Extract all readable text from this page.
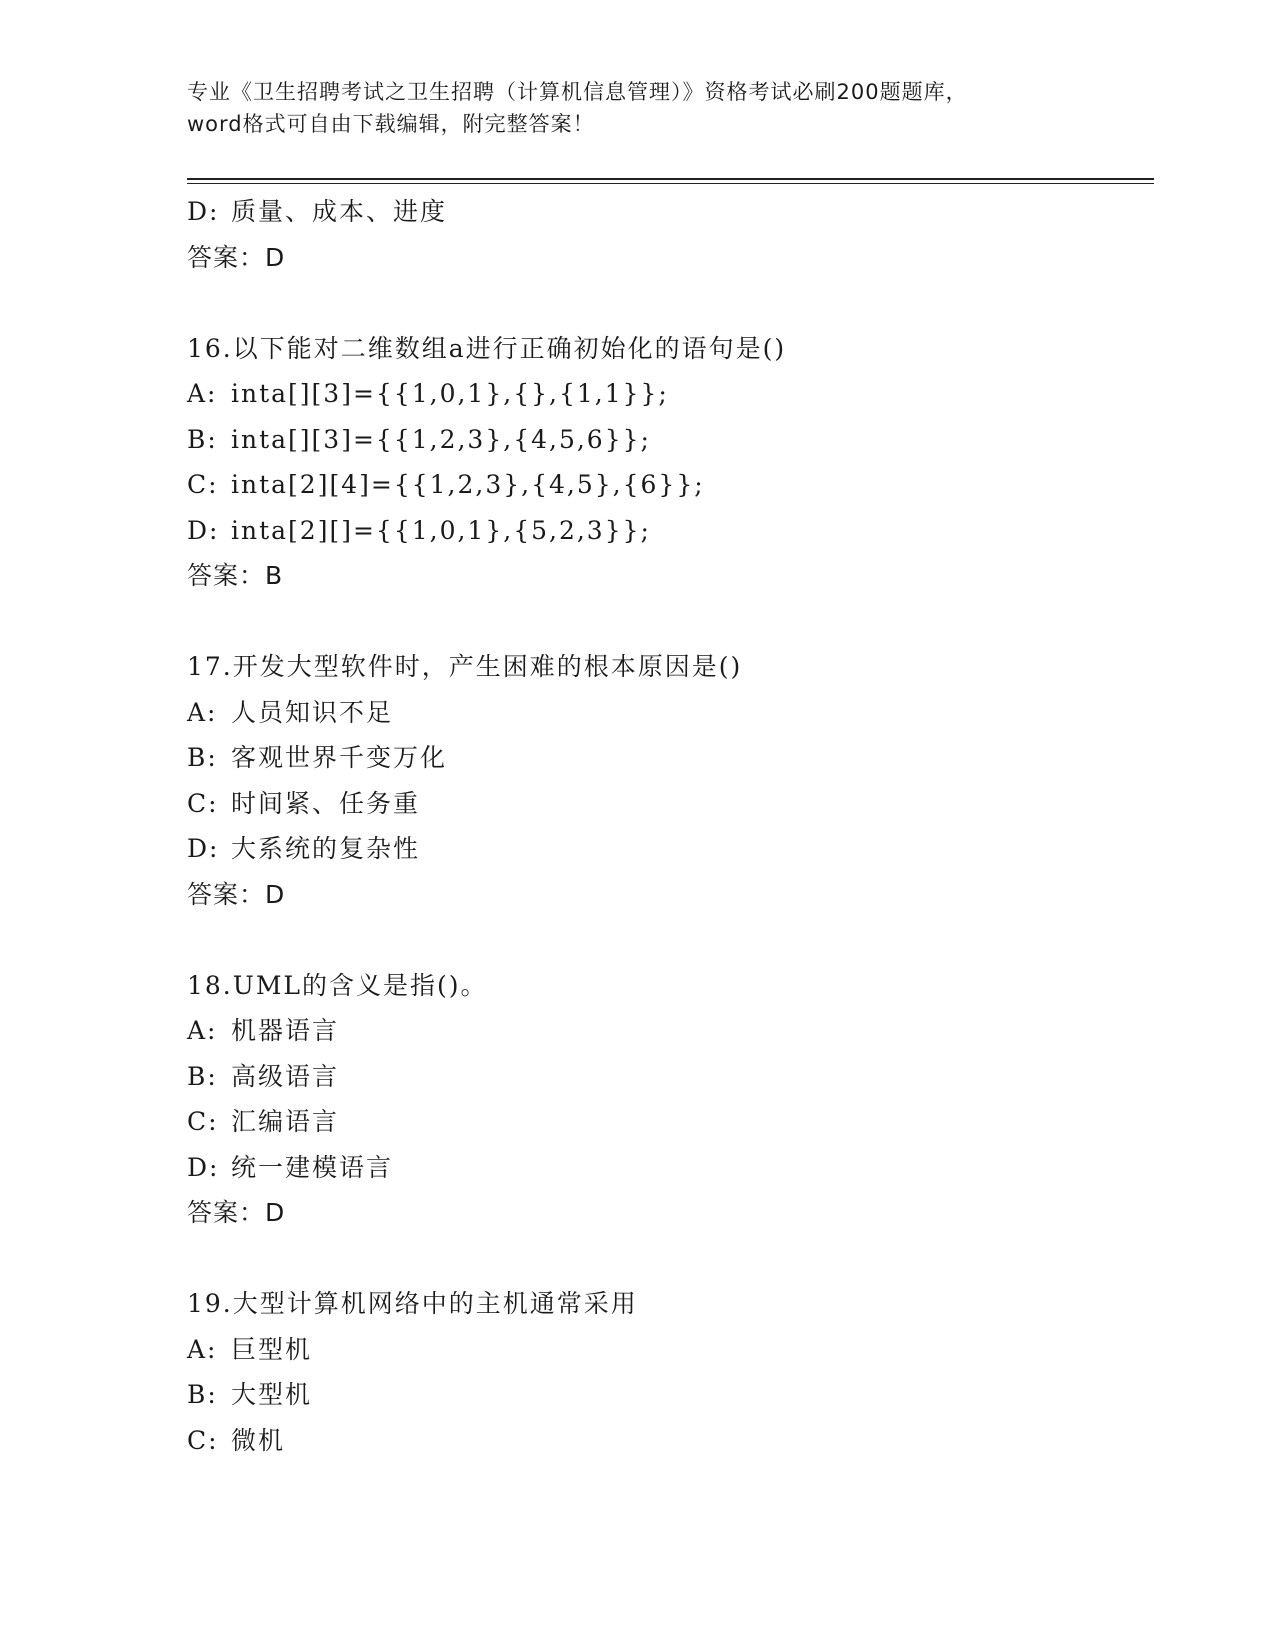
专业《卫生招聘考试之卫生招聘（计算机信息管理）》资格考试必刷200题题库，
word格式可自由下载编辑，附完整答案！
D: 质量、成本、进度
答案：D
16.以下能对二维数组a进行正确初始化的语句是()
A: inta[][3]={{1,0,1},{},{1,1}};
B: inta[][3]={{1,2,3},{4,5,6}};
C: inta[2][4]={{1,2,3},{4,5},{6}};
D: inta[2][]={{1,0,1},{5,2,3}};
答案：B
17.开发大型软件时，产生困难的根本原因是()
A: 人员知识不足
B: 客观世界千变万化
C: 时间紧、任务重
D: 大系统的复杂性
答案：D
18.UML的含义是指()。
A: 机器语言
B: 高级语言
C: 汇编语言
D: 统一建模语言
答案：D
19.大型计算机网络中的主机通常采用
A: 巨型机
B: 大型机
C: 微机
